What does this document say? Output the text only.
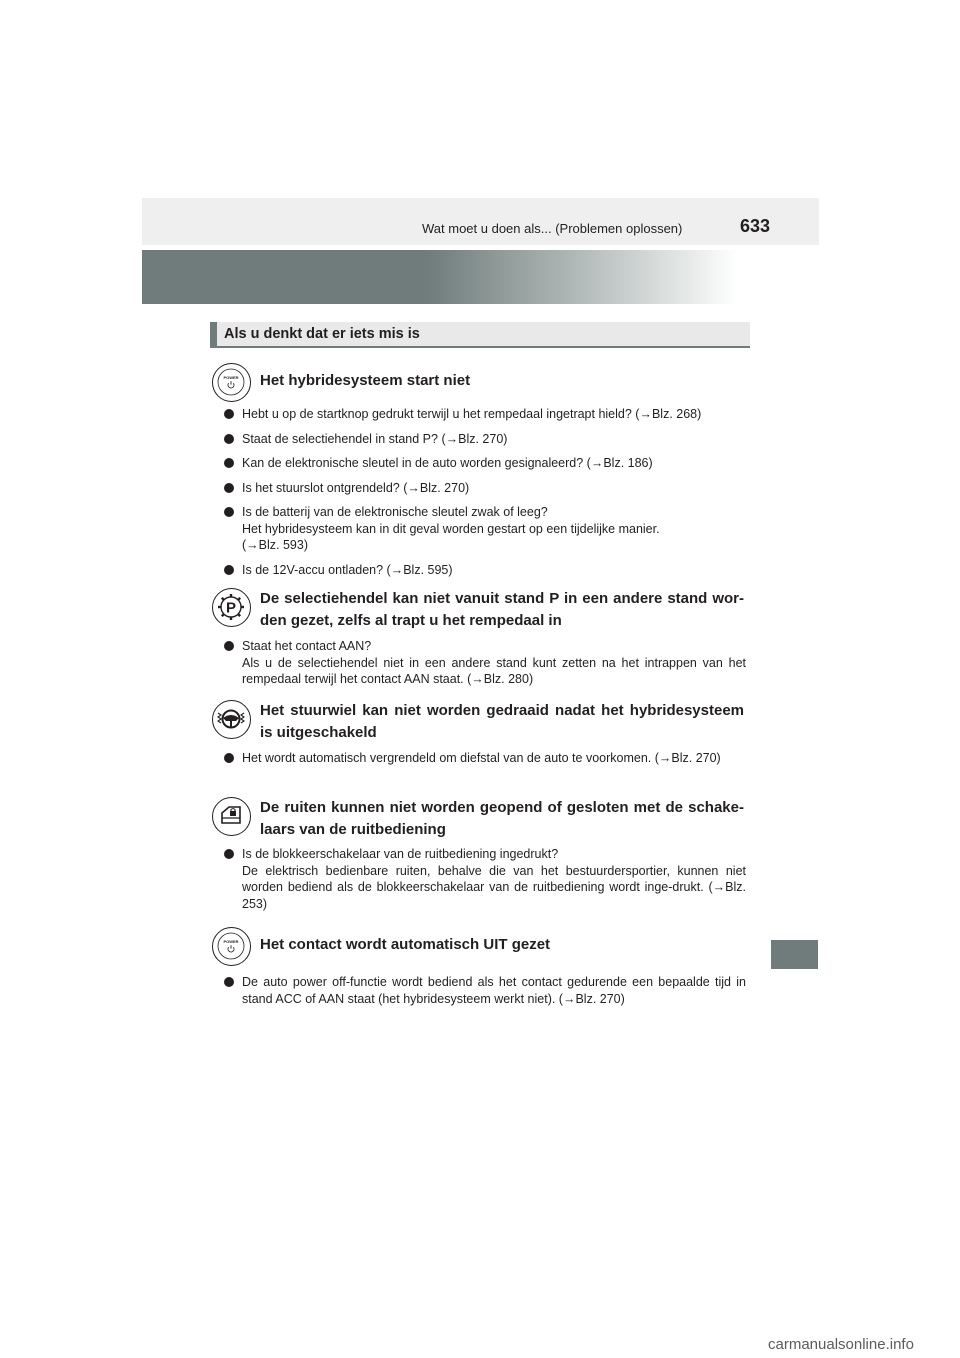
Wat moet u doen als... (Problemen oplossen)	633
Als u denkt dat er iets mis is
POWER Het hybridesysteem start niet
Hebt u op de startknop gedrukt terwijl u het rempedaal ingetrapt hield? (→Blz. 268)
Staat de selectiehendel in stand P? (→Blz. 270)
Kan de elektronische sleutel in de auto worden gesignaleerd? (→Blz. 186)
Is het stuurslot ontgrendeld? (→Blz. 270)
Is de batterij van de elektronische sleutel zwak of leeg?
Het hybridesysteem kan in dit geval worden gestart op een tijdelijke manier.
(→Blz. 593)
Is de 12V-accu ontladen? (→Blz. 595)
P
De selectiehendel kan niet vanuit stand P in een andere stand wor-den gezet, zelfs al trapt u het rempedaal in
Staat het contact AAN?
Als u de selectiehendel niet in een andere stand kunt zetten na het intrappen van het rempedaal terwijl het contact AAN staat. (→Blz. 280)
Het stuurwiel kan niet worden gedraaid nadat het hybridesysteem is uitgeschakeld
Het wordt automatisch vergrendeld om diefstal van de auto te voorkomen. (→Blz. 270)
De ruiten kunnen niet worden geopend of gesloten met de schake-laars van de ruitbediening
Is de blokkeerschakelaar van de ruitbediening ingedrukt?
De elektrisch bedienbare ruiten, behalve die van het bestuurdersportier, kunnen niet worden bediend als de blokkeerschakelaar van de ruitbediening wordt inge-drukt. (→Blz. 253)
POWER Het contact wordt automatisch UIT gezet
De auto power off-functie wordt bediend als het contact gedurende een bepaalde tijd in stand ACC of AAN staat (het hybridesysteem werkt niet). (→Blz. 270)
carmanualsonline.info
